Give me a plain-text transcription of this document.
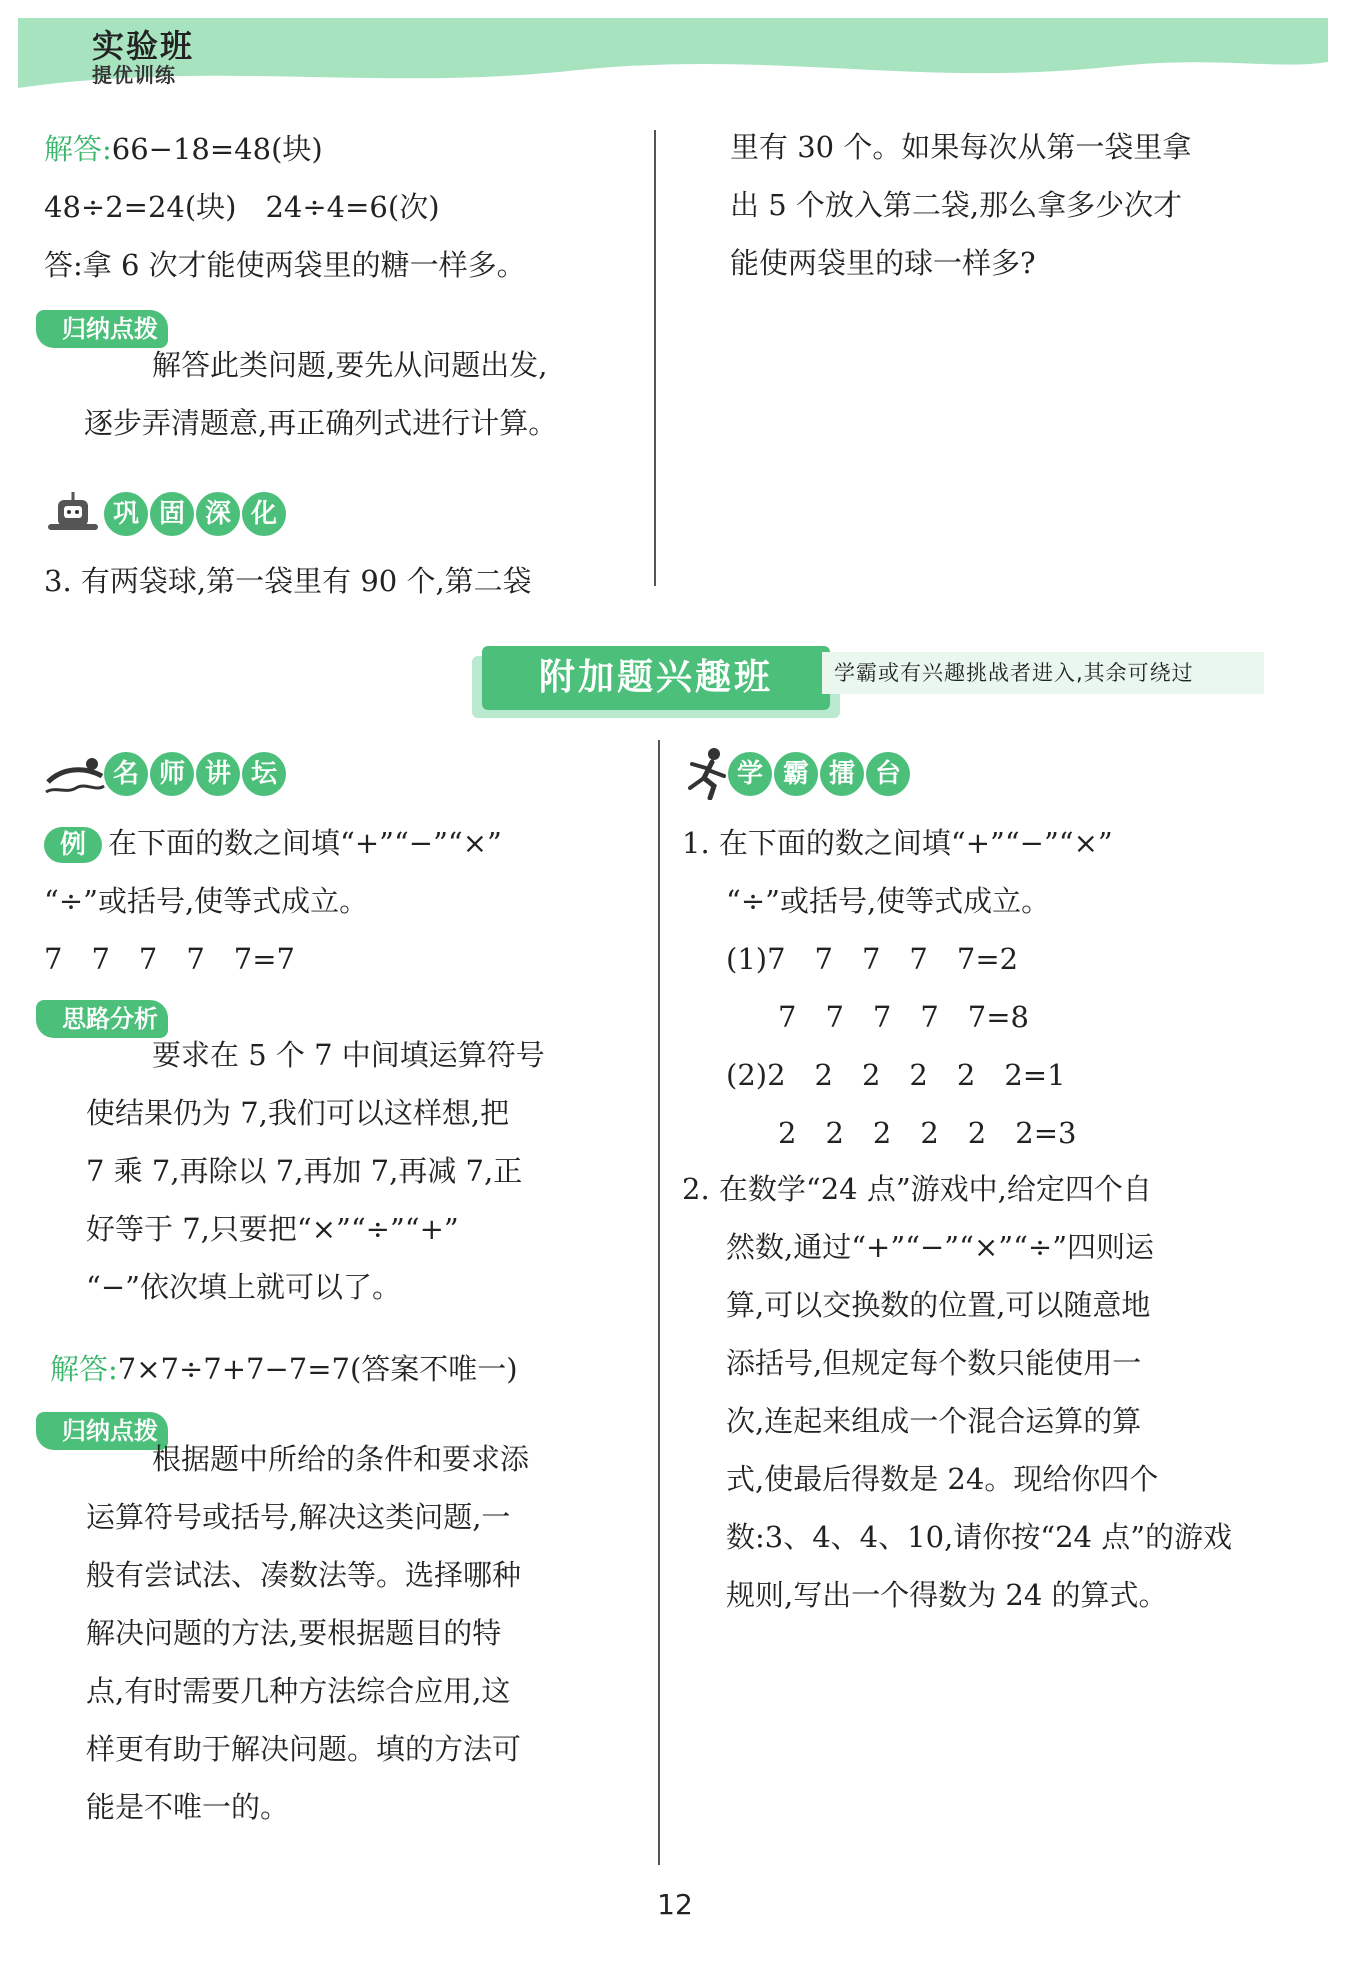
实验班
提优训练
解答:66−18=48(块)
48÷2=24(块)　24÷4=6(次)
答:拿 6 次才能使两袋里的糖一样多。
归纳点拨
解答此类问题,要先从问题出发,
逐步弄清题意,再正确列式进行计算。
巩 固 深 化
3. 有两袋球,第一袋里有 90 个,第二袋
里有 30 个。如果每次从第一袋里拿
出 5 个放入第二袋,那么拿多少次才
能使两袋里的球一样多?
附加题兴趣班	学霸或有兴趣挑战者进入,其余可绕过
名 师 讲 坛
例 在下面的数之间填“+”“−”“×”
“÷”或括号,使等式成立。
7　7　7　7　7=7
思路分析
要求在 5 个 7 中间填运算符号
使结果仍为 7,我们可以这样想,把
7 乘 7,再除以 7,再加 7,再减 7,正
好等于 7,只要把“×”“÷”“+”
“−”依次填上就可以了。
解答:7×7÷7+7−7=7(答案不唯一)
归纳点拨
根据题中所给的条件和要求添
运算符号或括号,解决这类问题,一
般有尝试法、凑数法等。选择哪种
解决问题的方法,要根据题目的特
点,有时需要几种方法综合应用,这
样更有助于解决问题。填的方法可
能是不唯一的。
学 霸 擂 台
1. 在下面的数之间填“+”“−”“×”
“÷”或括号,使等式成立。
(1)7　7　7　7　7=2
7　7　7　7　7=8
(2)2　2　2　2　2　2=1
2　2　2　2　2　2=3
2. 在数学“24 点”游戏中,给定四个自
然数,通过“+”“−”“×”“÷”四则运
算,可以交换数的位置,可以随意地
添括号,但规定每个数只能使用一
次,连起来组成一个混合运算的算
式,使最后得数是 24。现给你四个
数:3、4、4、10,请你按“24 点”的游戏
规则,写出一个得数为 24 的算式。
12
